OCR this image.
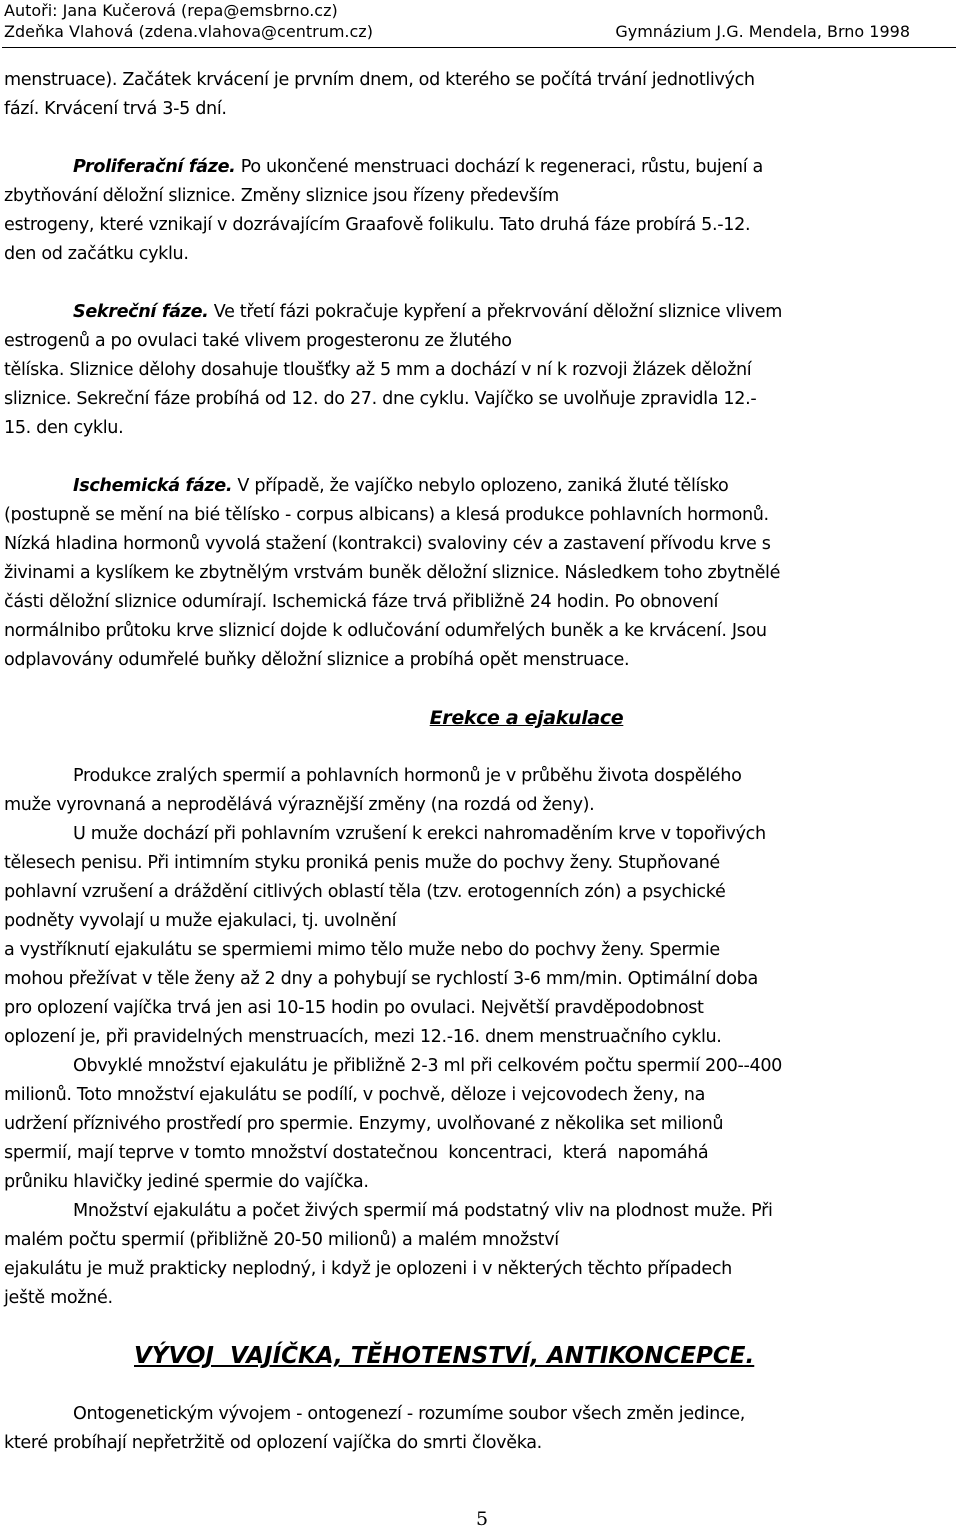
Autoři: Jana Kučerová (repa@emsbrno.cz)
Zdeňka Vlahová (zdena.vlahova@centrum.cz)	Gymnázium J.G. Mendela, Brno 1998
menstruace). Začátek krvácení je prvním dnem, od kterého se počítá trvání jednotlivých
fází. Krvácení trvá 3-5 dní.
Proliferační fáze. Po ukončené menstruaci dochází k regeneraci, růstu, bujení a
zbytňování děložní sliznice. Změny sliznice jsou řízeny především
estrogeny, které vznikají v dozrávajícím Graafově folikulu. Tato druhá fáze probírá 5.-12.
den od začátku cyklu.
Sekreční fáze. Ve třetí fázi pokračuje kypření a překrvování děložní sliznice vlivem
estrogenů a po ovulaci také vlivem progesteronu ze žlutého
tělíska. Sliznice dělohy dosahuje tloušťky až 5 mm a dochází v ní k rozvoji žlázek děložní
sliznice. Sekreční fáze probíhá od 12. do 27. dne cyklu. Vajíčko se uvolňuje zpravidla 12.-
15. den cyklu.
Ischemická fáze. V případě, že vajíčko nebylo oplozeno, zaniká žluté tělísko
(postupně se mění na bié tělísko - corpus albicans) a klesá produkce pohlavních hormonů.
Nízká hladina hormonů vyvolá stažení (kontrakci) svaloviny cév a zastavení přívodu krve s
živinami a kyslíkem ke zbytnělým vrstvám buněk děložní sliznice. Následkem toho zbytnělé
části děložní sliznice odumírají. Ischemická fáze trvá přibližně 24 hodin. Po obnovení
normálnibo průtoku krve sliznicí dojde k odlučování odumřelých buněk a ke krvácení. Jsou
odplavovány odumřelé buňky děložní sliznice a probíhá opět menstruace.
Erekce a ejakulace
Produkce zralých spermií a pohlavních hormonů je v průběhu života dospělého
muže vyrovnaná a neprodělává výraznější změny (na rozdá od ženy).
U muže dochází při pohlavním vzrušení k erekci nahromaděním krve v topořivých
tělesech penisu. Při intimním styku proniká penis muže do pochvy ženy. Stupňované
pohlavní vzrušení a dráždění citlivých oblastí těla (tzv. erotogenních zón) a psychické
podněty vyvolají u muže ejakulaci, tj. uvolnění
a vystříknutí ejakulátu se spermiemi mimo tělo muže nebo do pochvy ženy. Spermie
mohou přežívat v těle ženy až 2 dny a pohybují se rychlostí 3-6 mm/min. Optimální doba
pro oplození vajíčka trvá jen asi 10-15 hodin po ovulaci. Největší pravděpodobnost
oplození je, při pravidelných menstruacích, mezi 12.-16. dnem menstruačního cyklu.
Obvyklé množství ejakulátu je přibližně 2-3 ml při celkovém počtu spermií 200--400
milionů. Toto množství ejakulátu se podílí, v pochvě, děloze i vejcovodech ženy, na
udržení příznivého prostředí pro spermie. Enzymy, uvolňované z několika set milionů
spermií, mají teprve v tomto množství dostatečnou  koncentraci,  která  napomáhá
průniku hlavičky jediné spermie do vajíčka.
Množství ejakulátu a počet živých spermií má podstatný vliv na plodnost muže. Při
malém počtu spermií (přibližně 20-50 milionů) a malém množství
ejakulátu je muž prakticky neplodný, i když je oplozeni i v některých těchto případech
ještě možné.
VÝVOJ  VAJÍČKA, TĚHOTENSTVÍ, ANTIKONCEPCE.
Ontogenetickým vývojem - ontogenezí - rozumíme soubor všech změn jedince,
které probíhají nepřetržitě od oplození vajíčka do smrti člověka.
5
